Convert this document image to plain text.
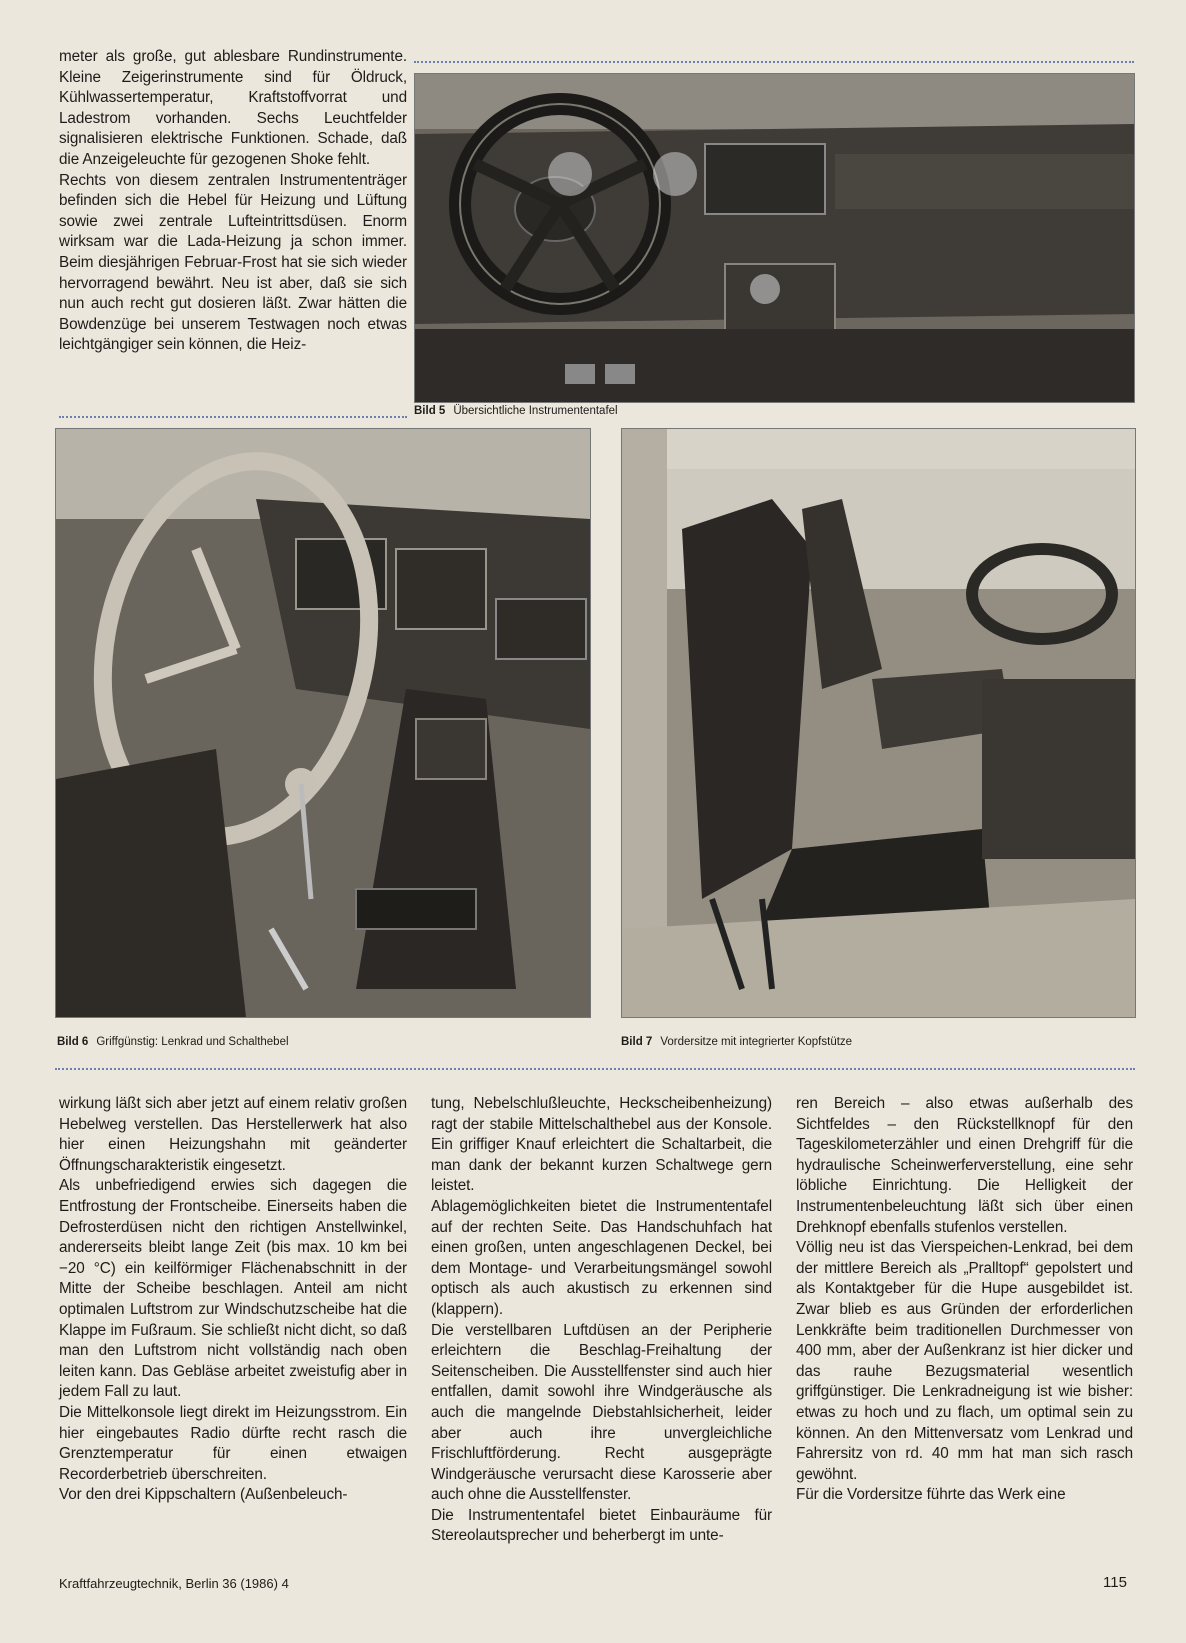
meter als große, gut ablesbare Rundinstrumente. Kleine Zeigerinstrumente sind für Öldruck, Kühlwassertemperatur, Kraftstoffvorrat und Ladestrom vorhanden. Sechs Leuchtfelder signalisieren elektrische Funktionen. Schade, daß die Anzeigeleuchte für gezogenen Shoke fehlt.

Rechts von diesem zentralen Instrumententräger befinden sich die Hebel für Heizung und Lüftung sowie zwei zentrale Lufteintrittsdüsen. Enorm wirksam war die Lada-Heizung ja schon immer. Beim diesjährigen Februar-Frost hat sie sich wieder hervorragend bewährt. Neu ist aber, daß sie sich nun auch recht gut dosieren läßt. Zwar hätten die Bowdenzüge bei unserem Testwagen noch etwas leichtgängiger sein können, die Heiz-

Bild 5 Übersichtliche Instrumententafel
Bild 6 Griffgünstig: Lenkrad und Schalthebel	Bild 7 Vordersitze mit integrierter Kopfstütze

wirkung läßt sich aber jetzt auf einem relativ großen Hebelweg verstellen. Das Herstellerwerk hat also hier einen Heizungshahn mit geänderter Öffnungscharakteristik eingesetzt.

Als unbefriedigend erwies sich dagegen die Entfrostung der Frontscheibe. Einerseits haben die Defrosterdüsen nicht den richtigen Anstellwinkel, andererseits bleibt lange Zeit (bis max. 10 km bei −20 °C) ein keilförmiger Flächenabschnitt in der Mitte der Scheibe beschlagen. Anteil am nicht optimalen Luftstrom zur Windschutzscheibe hat die Klappe im Fußraum. Sie schließt nicht dicht, so daß man den Luftstrom nicht vollständig nach oben leiten kann. Das Gebläse arbeitet zweistufig aber in jedem Fall zu laut.

Die Mittelkonsole liegt direkt im Heizungsstrom. Ein hier eingebautes Radio dürfte recht rasch die Grenztemperatur für einen etwaigen Recorderbetrieb überschreiten.

Vor den drei Kippschaltern (Außenbeleuch-

tung, Nebelschlußleuchte, Heckscheibenheizung) ragt der stabile Mittelschalthebel aus der Konsole. Ein griffiger Knauf erleichtert die Schaltarbeit, die man dank der bekannt kurzen Schaltwege gern leistet.

Ablagemöglichkeiten bietet die Instrumententafel auf der rechten Seite. Das Handschuhfach hat einen großen, unten angeschlagenen Deckel, bei dem Montage- und Verarbeitungsmängel sowohl optisch als auch akustisch zu erkennen sind (klappern).

Die verstellbaren Luftdüsen an der Peripherie erleichtern die Beschlag-Freihaltung der Seitenscheiben. Die Ausstellfenster sind auch hier entfallen, damit sowohl ihre Windgeräusche als auch die mangelnde Diebstahlsicherheit, leider aber auch ihre unvergleichliche Frischluftförderung. Recht ausgeprägte Windgeräusche verursacht diese Karosserie aber auch ohne die Ausstellfenster.

Die Instrumententafel bietet Einbauräume für Stereolautsprecher und beherbergt im unte-

ren Bereich – also etwas außerhalb des Sichtfeldes – den Rückstellknopf für den Tageskilometerzähler und einen Drehgriff für die hydraulische Scheinwerferverstellung, eine sehr löbliche Einrichtung. Die Helligkeit der Instrumentenbeleuchtung läßt sich über einen Drehknopf ebenfalls stufenlos verstellen.

Völlig neu ist das Vierspeichen-Lenkrad, bei dem der mittlere Bereich als „Pralltopf“ gepolstert und als Kontaktgeber für die Hupe ausgebildet ist. Zwar blieb es aus Gründen der erforderlichen Lenkkräfte beim traditionellen Durchmesser von 400 mm, aber der Außenkranz ist hier dicker und das rauhe Bezugsmaterial wesentlich griffgünstiger. Die Lenkradneigung ist wie bisher: etwas zu hoch und zu flach, um optimal sein zu können. An den Mittenversatz vom Lenkrad und Fahrersitz von rd. 40 mm hat man sich rasch gewöhnt.

Für die Vordersitze führte das Werk eine

Kraftfahrzeugtechnik, Berlin 36 (1986) 4	115
